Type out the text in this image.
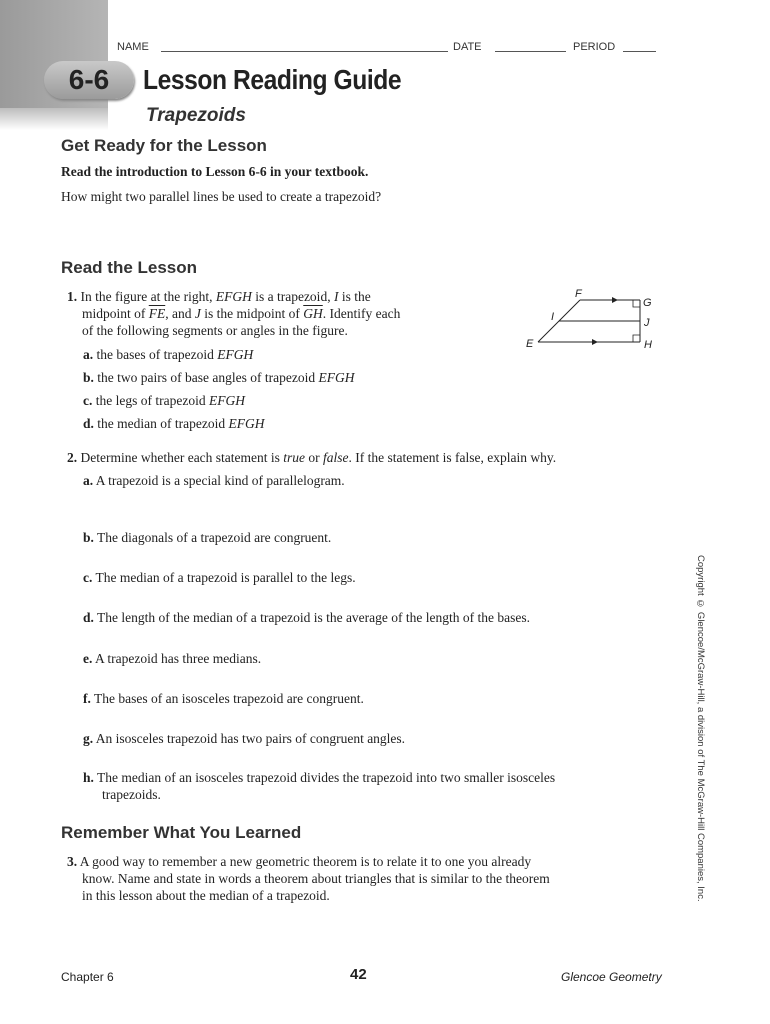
NAME	DATE	PERIOD
6-6	Lesson Reading Guide
Trapezoids
Get Ready for the Lesson
Read the introduction to Lesson 6-6 in your textbook.
How might two parallel lines be used to create a trapezoid?
Read the Lesson
1. In the figure at the right, EFGH is a trapezoid, I is the
midpoint of $\overline{FE}$, and J is the midpoint of $\overline{GH}$. Identify each
of the following segments or angles in the figure.
a. the bases of trapezoid EFGH
b. the two pairs of base angles of trapezoid EFGH
c. the legs of trapezoid EFGH
d. the median of trapezoid EFGH
F
G
I	J
E	H
2. Determine whether each statement is true or false. If the statement is false, explain why.
a. A trapezoid is a special kind of parallelogram.
b. The diagonals of a trapezoid are congruent.
c. The median of a trapezoid is parallel to the legs.
d. The length of the median of a trapezoid is the average of the length of the bases.
e. A trapezoid has three medians.
f. The bases of an isosceles trapezoid are congruent.
g. An isosceles trapezoid has two pairs of congruent angles.
h. The median of an isosceles trapezoid divides the trapezoid into two smaller isosceles
trapezoids.
Remember What You Learned
3. A good way to remember a new geometric theorem is to relate it to one you already
know. Name and state in words a theorem about triangles that is similar to the theorem
in this lesson about the median of a trapezoid.	Copyright © Glencoe/McGraw-Hill, a division of The McGraw-Hill Companies, Inc.
Chapter 6	42	Glencoe Geometry
